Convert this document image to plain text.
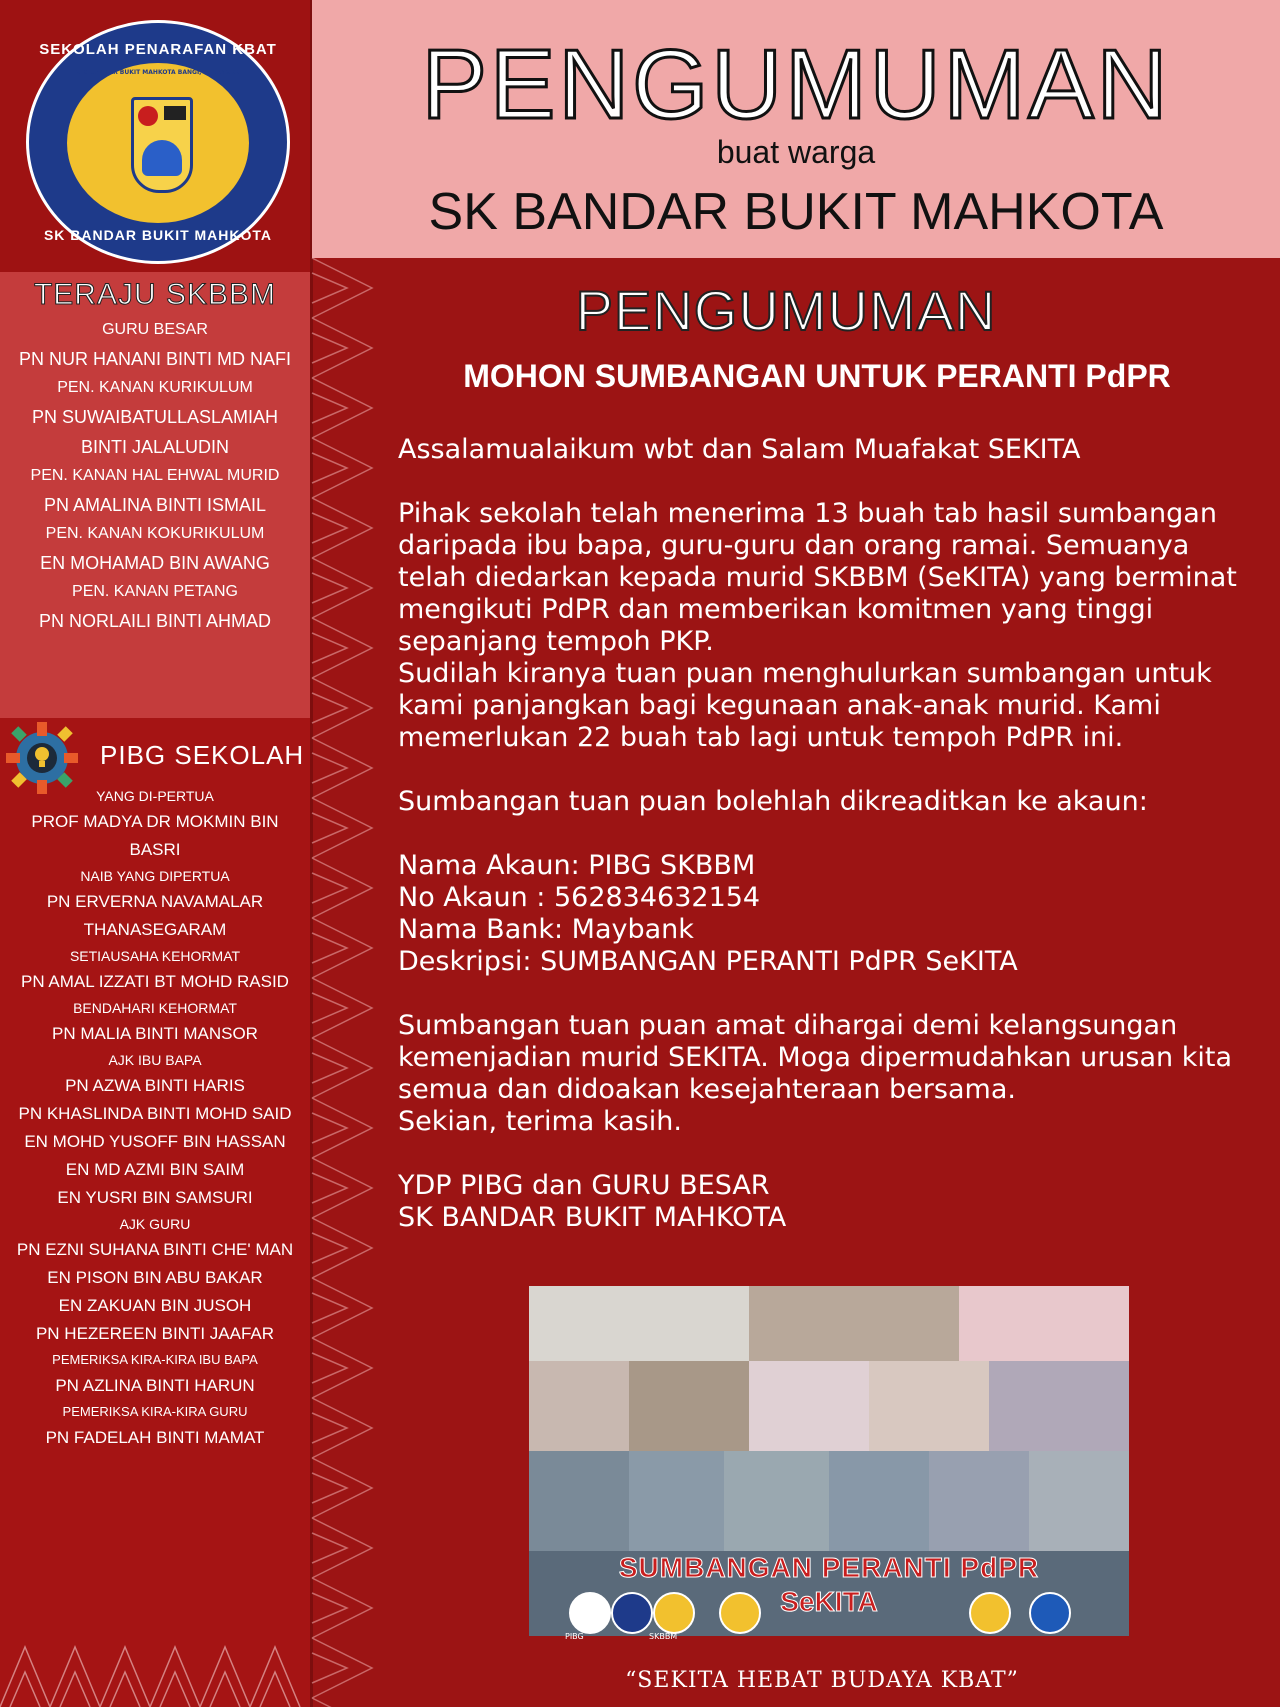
SEKOLAH PENARAFAN KBAT
S.K BANDAR BUKIT MAHKOTA BANGI, SELANGOR
SK BANDAR BUKIT MAHKOTA
TERAJU SKBBM
GURU BESAR
PN NUR HANANI BINTI MD NAFI
PEN. KANAN KURIKULUM
PN SUWAIBATULLASLAMIAH BINTI JALALUDIN
PEN. KANAN HAL EHWAL MURID
PN AMALINA BINTI ISMAIL
PEN. KANAN KOKURIKULUM
EN MOHAMAD BIN AWANG
PEN. KANAN PETANG
PN NORLAILI BINTI AHMAD
PIBG SEKOLAH
YANG DI-PERTUA
PROF MADYA DR MOKMIN BIN BASRI
NAIB YANG DIPERTUA
PN ERVERNA NAVAMALAR THANASEGARAM
SETIAUSAHA KEHORMAT
PN AMAL IZZATI BT MOHD RASID
BENDAHARI KEHORMAT
PN MALIA BINTI MANSOR
AJK IBU BAPA
PN AZWA BINTI HARIS
PN KHASLINDA BINTI MOHD SAID
EN MOHD YUSOFF BIN HASSAN
EN MD AZMI BIN SAIM
EN YUSRI BIN SAMSURI
AJK GURU
PN EZNI SUHANA BINTI CHE' MAN
EN PISON BIN ABU BAKAR
EN ZAKUAN BIN JUSOH
PN HEZEREEN BINTI JAAFAR
PEMERIKSA KIRA-KIRA IBU BAPA
PN AZLINA BINTI HARUN
PEMERIKSA KIRA-KIRA GURU
PN FADELAH BINTI MAMAT
PENGUMUMAN
buat warga
SK BANDAR BUKIT MAHKOTA
PENGUMUMAN
MOHON SUMBANGAN UNTUK PERANTI PdPR

Assalamualaikum wbt dan Salam Muafakat SEKITA

Pihak sekolah telah menerima 13 buah tab hasil sumbangan daripada ibu bapa, guru-guru dan orang ramai. Semuanya telah diedarkan kepada murid SKBBM (SeKITA) yang berminat mengikuti PdPR dan memberikan komitmen yang tinggi sepanjang tempoh PKP.
Sudilah kiranya tuan puan menghulurkan sumbangan untuk kami panjangkan bagi kegunaan anak-anak murid. Kami memerlukan 22 buah tab lagi untuk tempoh PdPR ini.

Sumbangan tuan puan bolehlah dikreaditkan ke akaun:

Nama Akaun: PIBG SKBBM

No Akaun : 562834632154

Nama Bank: Maybank

Deskripsi: SUMBANGAN PERANTI PdPR SeKITA

Sumbangan tuan puan amat dihargai demi kelangsungan kemenjadian murid SEKITA. Moga dipermudahkan urusan kita semua dan didoakan kesejahteraan bersama.
Sekian, terima kasih.

YDP PIBG dan GURU BESAR

SK BANDAR BUKIT MAHKOTA

SUMBANGAN PERANTI PdPR
SeKITA
PIBG	SKBBM
“SEKITA HEBAT BUDAYA KBAT”
